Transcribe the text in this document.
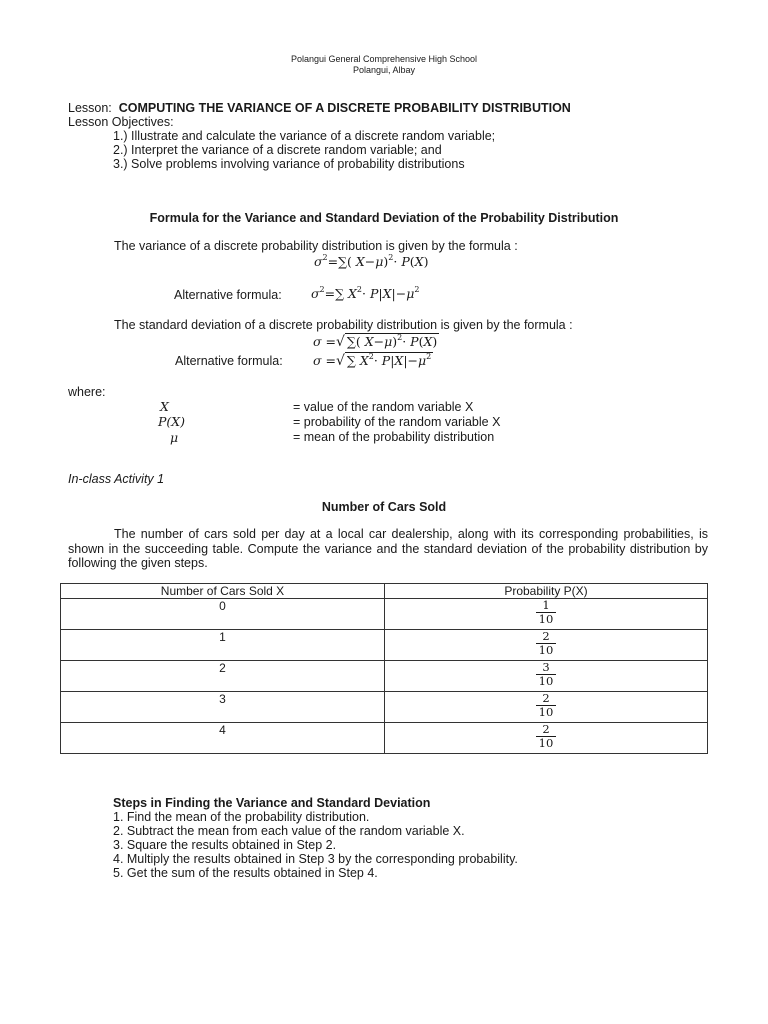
Polangui General Comprehensive High School
Polangui, Albay
Lesson: COMPUTING THE VARIANCE OF A DISCRETE PROBABILITY DISTRIBUTION
Lesson Objectives:
1.) Illustrate and calculate the variance of a discrete random variable;
2.) Interpret the variance of a discrete random variable; and
3.) Solve problems involving variance of probability distributions
Formula for the Variance and Standard Deviation of the Probability Distribution
The variance of a discrete probability distribution is given by the formula :
$\sigma^2=\sum$( X−μ)$^2$· P(X)
Alternative formula: $\sigma^2=\sum$ $X^2\cdot P|X|-\mu^2$
The standard deviation of a discrete probability distribution is given by the formula :
σ =√ ∑( X−μ)$^2$· P(X)
Alternative formula: σ =√ ∑ $X^2\cdot P|X|-\mu^2$
where:
X	= value of the random variable X
P(X)	= probability of the random variable X
μ	= mean of the probability distribution
In-class Activity 1
Number of Cars Sold
The number of cars sold per day at a local car dealership, along with its corresponding probabilities, is shown in the succeeding table. Compute the variance and the standard deviation of the probability distribution by following the given steps.
Number of Cars Sold X	Probability P(X)
0	$\frac{1}{10}$

1	$\frac{2}{10}$

2	$\frac{3}{10}$

3	$\frac{2}{10}$

4	$\frac{2}{10}$
Steps in Finding the Variance and Standard Deviation
1. Find the mean of the probability distribution.
2. Subtract the mean from each value of the random variable X.
3. Square the results obtained in Step 2.
4. Multiply the results obtained in Step 3 by the corresponding probability.
5. Get the sum of the results obtained in Step 4.
